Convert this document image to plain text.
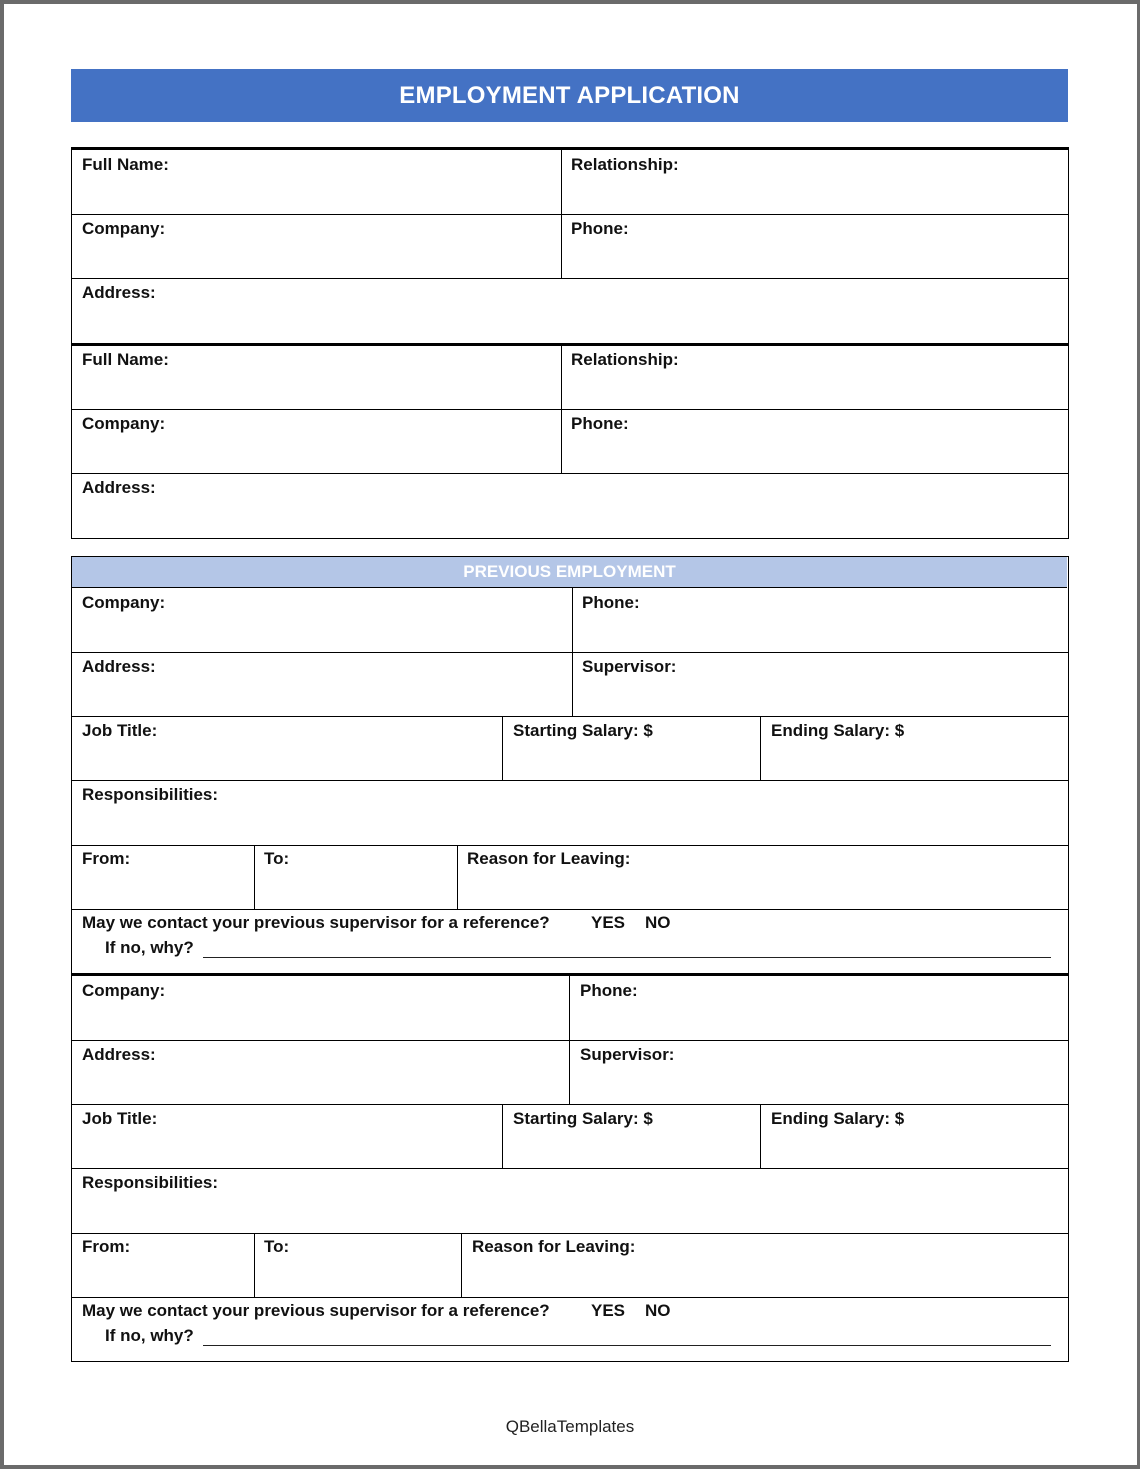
EMPLOYMENT APPLICATION
Full Name:	Relationship:
Company:	Phone:
Address:
Full Name:	Relationship:
Company:	Phone:
Address:
PREVIOUS EMPLOYMENT
Company:	Phone:
Address:	Supervisor:
Job Title:	Starting Salary: $	Ending Salary: $
Responsibilities:
From:	To:	Reason for Leaving:
May we contact your previous supervisor for a reference? YES NO
If no, why?
Company:	Phone:
Address:	Supervisor:
Job Title:	Starting Salary: $	Ending Salary: $
Responsibilities:
From:	To:	Reason for Leaving:
May we contact your previous supervisor for a reference? YES NO
If no, why?
QBellaTemplates
